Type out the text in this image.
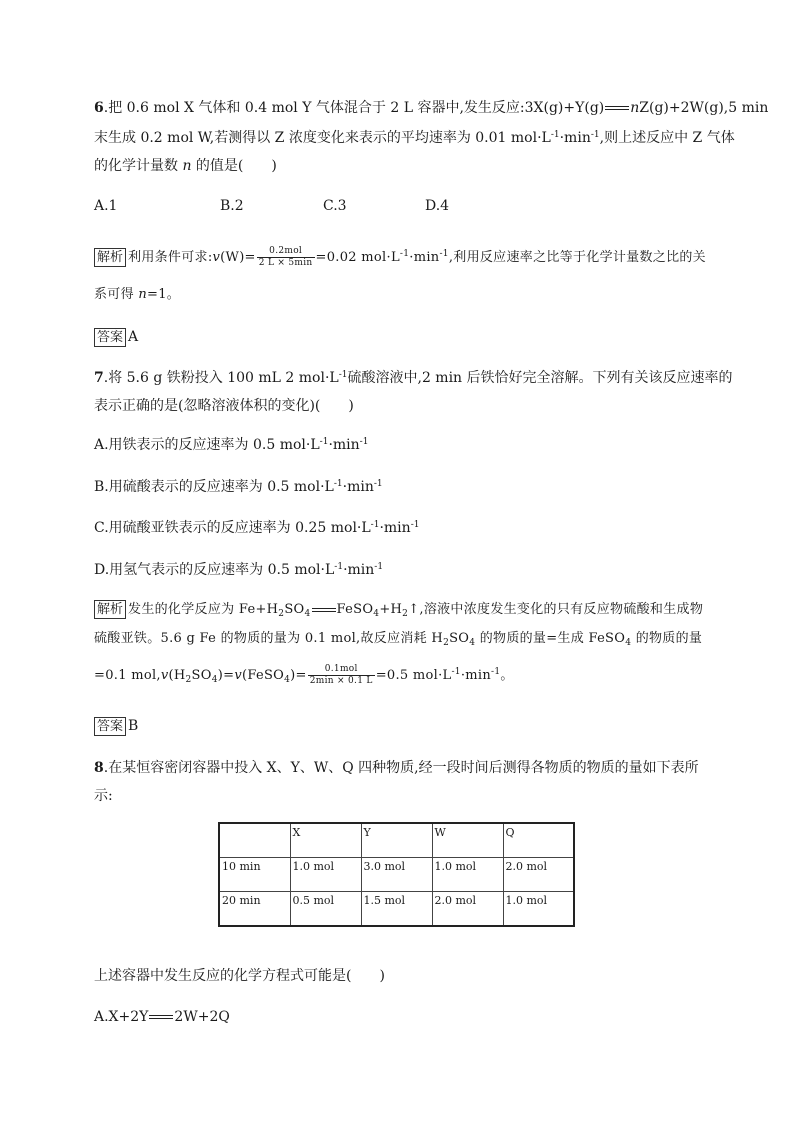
6.把 0.6 mol X 气体和 0.4 mol Y 气体混合于 2 L 容器中,发生反应:3X(g)+Y(g) nZ(g)+2W(g),5 min
末生成 0.2 mol W,若测得以 Z 浓度变化来表示的平均速率为 0.01 $mol\cdot L^{-1}\cdot\min^{-1}$,则上述反应中 Z 气体
的化学计量数 n 的值是(　　)
A.1	B.2	C.3	D.4
解析 利用条件可求:v(W)= $\frac{\text{0.2mol}}{2 L \times 5\min} =0.02$ $mol\cdot L^{-1}\cdot\min^{-1}$,利用反应速率之比等于化学计量数之比的关
系可得 n=1。
答案 A
7.将 5.6 g 铁粉投入 100 mL 2 $mol\cdot L^{-1}$硫酸溶液中,2 min 后铁恰好完全溶解。下列有关该反应速率的
表示正确的是(忽略溶液体积的变化)(　　)
A.用铁表示的反应速率为 0.5 $mol\cdot L^{-1}\cdot\min^{-1}$
B.用硫酸表示的反应速率为 0.5 $mol\cdot L^{-1}\cdot\min^{-1}$
C.用硫酸亚铁表示的反应速率为 0.25 $mol\cdot L^{-1}\cdot\min^{-1}$
D.用氢气表示的反应速率为 0.5 $mol\cdot L^{-1}\cdot\min^{-1}$
解析 发生的化学反应为 $Fe+H_2SO_4$ $FeSO_4+H_2↑$,溶液中浓度发生变化的只有反应物硫酸和生成物
硫酸亚铁。5.6 g Fe 的物质的量为 0.1 mol,故反应消耗 $H_2SO_4$ 的物质的量=生成 FeSO$_4$ 的物质的量
=0.1 $mol,v(H_2SO_4)=v(FeSO_4)= \frac{\text{0.1mol}}{2\min \times 0.1 L} =0.5$ $mol\cdot L^{-1}\cdot\min^{-1}$。
答案 B
8.在某恒容密闭容器中投入 X、Y、W、Q 四种物质,经一段时间后测得各物质的物质的量如下表所
示:
	X	Y	W	Q
10 min	1.0 mol	3.0 mol	1.0 mol	2.0 mol
20 min	0.5 mol	1.5 mol	2.0 mol	1.0 mol
上述容器中发生反应的化学方程式可能是(　　)
A.X+2Y 2W+2Q
